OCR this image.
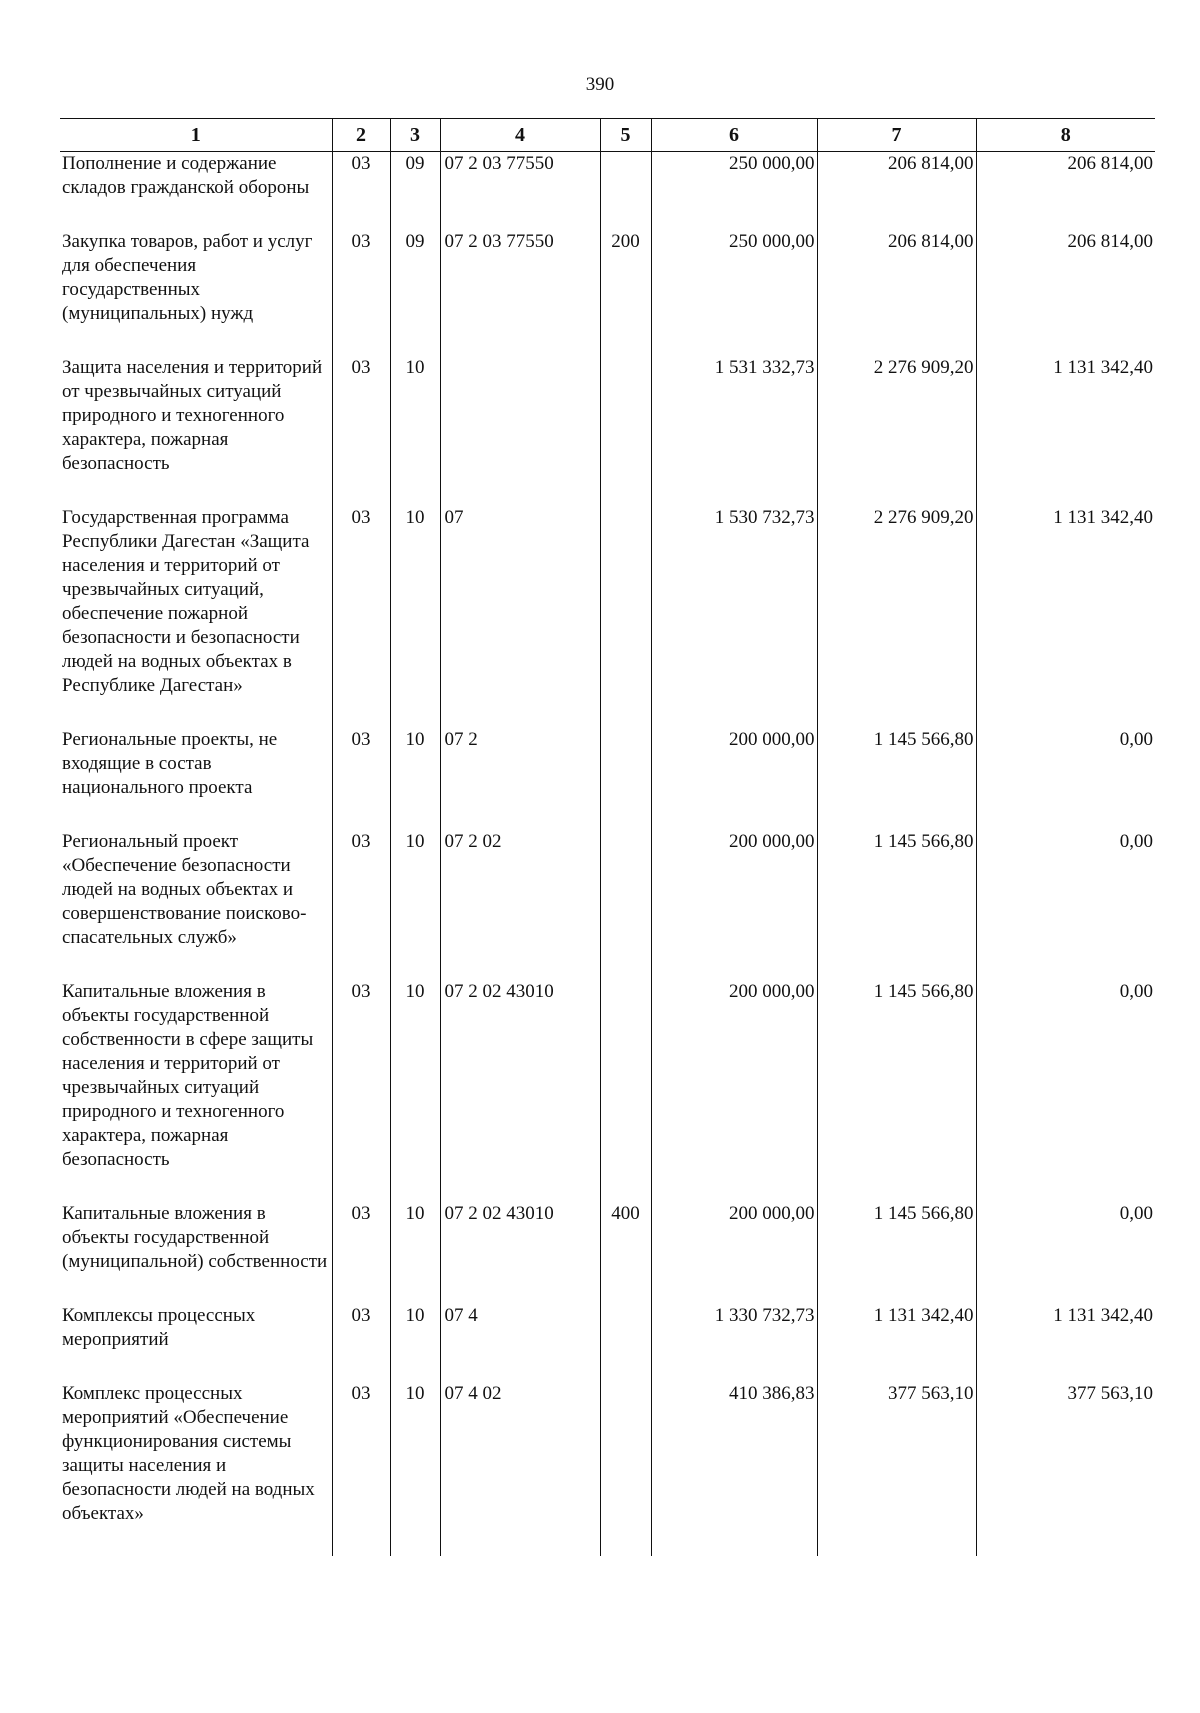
390
1	2	3	4	5	6	7	8

Пополнение и содержание складов гражданской обороны	03	09	07 2 03 77550		250 000,00	206 814,00	206 814,00
Закупка товаров, работ и услуг для обеспечения государственных (муниципальных) нужд	03	09	07 2 03 77550	200	250 000,00	206 814,00	206 814,00
Защита населения и территорий от чрезвычайных ситуаций природного и техногенного характера, пожарная безопасность	03	10			1 531 332,73	2 276 909,20	1 131 342,40
Государственная программа Республики Дагестан «Защита населения и территорий от чрезвычайных ситуаций, обеспечение пожарной безопасности и безопасности людей на водных объектах в Республике Дагестан»	03	10	07		1 530 732,73	2 276 909,20	1 131 342,40
Региональные проекты, не входящие в состав национального проекта	03	10	07 2		200 000,00	1 145 566,80	0,00
Региональный проект «Обеспечение безопасности людей на водных объектах и совершенствование поисково-спасательных служб»	03	10	07 2 02		200 000,00	1 145 566,80	0,00
Капитальные вложения в объекты государственной собственности в сфере защиты населения и территорий от чрезвычайных ситуаций природного и техногенного характера, пожарная безопасность	03	10	07 2 02 43010		200 000,00	1 145 566,80	0,00
Капитальные вложения в объекты государственной (муниципальной) собственности	03	10	07 2 02 43010	400	200 000,00	1 145 566,80	0,00
Комплексы процессных мероприятий	03	10	07 4		1 330 732,73	1 131 342,40	1 131 342,40
Комплекс процессных мероприятий «Обеспечение функционирования системы защиты населения и безопасности людей на водных объектах»	03	10	07 4 02		410 386,83	377 563,10	377 563,10
